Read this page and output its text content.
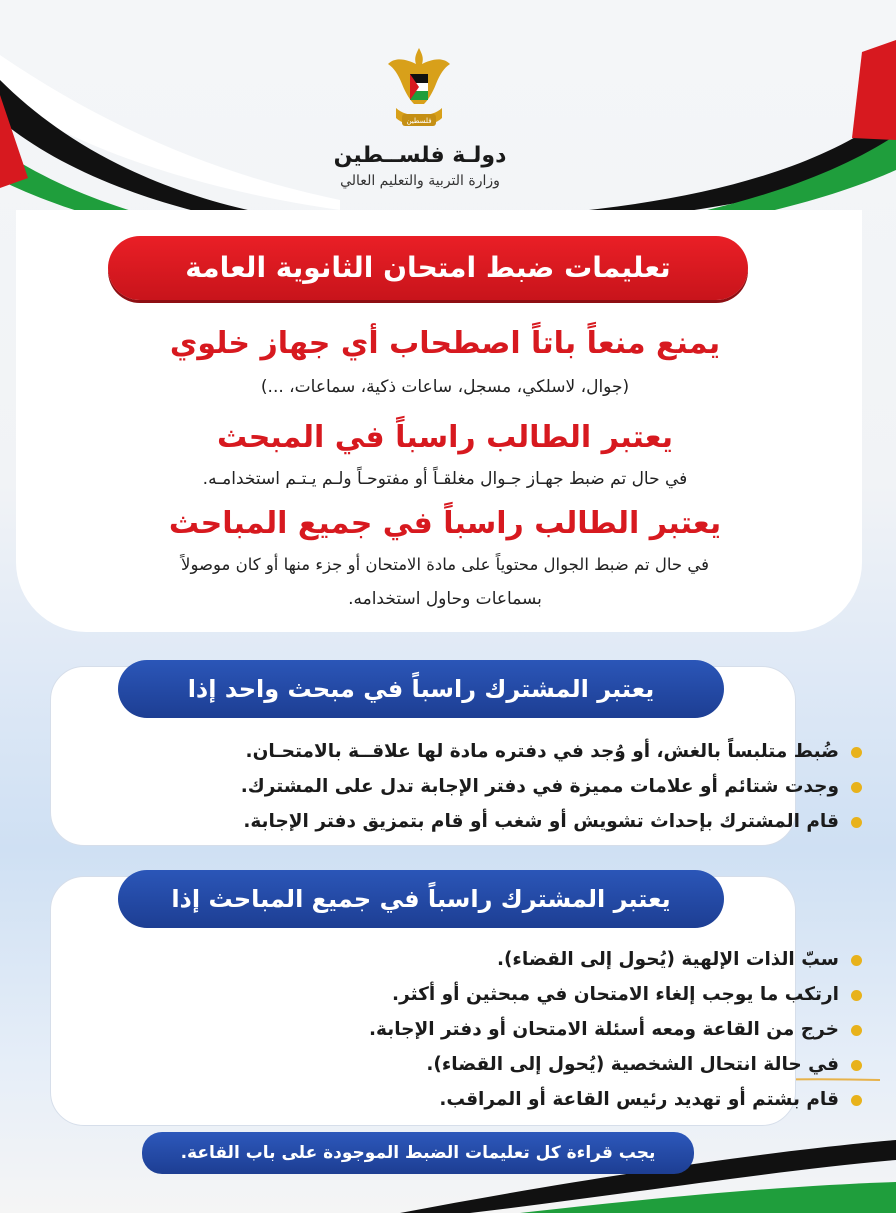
فلسطين
دولـة فلســطين
وزارة التربية والتعليم العالي
تعليمات ضبط امتحان الثانوية العامة
يمنع منعاً باتاً اصطحاب أي جهاز خلوي
(جوال، لاسلكي، مسجل، ساعات ذكية، سماعات، ...)
يعتبر الطالب راسباً في المبحث
في حال تم ضبط جهـاز جـوال مغلقـاً أو مفتوحـاً ولـم يـتـم استخدامـه.
يعتبر الطالب راسباً في جميع المباحث
في حال تم ضبط الجوال محتوياً على مادة الامتحان أو جزء منها أو كان موصولاً
بسماعات وحاول استخدامه.
يعتبر المشترك راسباً في مبحث واحد إذا
ضُبط متلبساً بالغش، أو وُجد في دفتره مادة لها علاقــة بالامتحـان.
وجدت شتائم أو علامات مميزة في دفتر الإجابة تدل على المشترك.
قام المشترك بإحداث تشويش أو شغب أو قام بتمزيق دفتر الإجابة.
يعتبر المشترك راسباً في جميع المباحث إذا
سبّ الذات الإلهية (يُحول إلى القضاء).
ارتكب ما يوجب إلغاء الامتحان في مبحثين أو أكثر.
خرج من القاعة ومعه أسئلة الامتحان أو دفتر الإجابة.
في حالة انتحال الشخصية (يُحول إلى القضاء).
قام بشتم أو تهديد رئيس القاعة أو المراقب.
يجب قراءة كل تعليمات الضبط الموجودة على باب القاعة.
